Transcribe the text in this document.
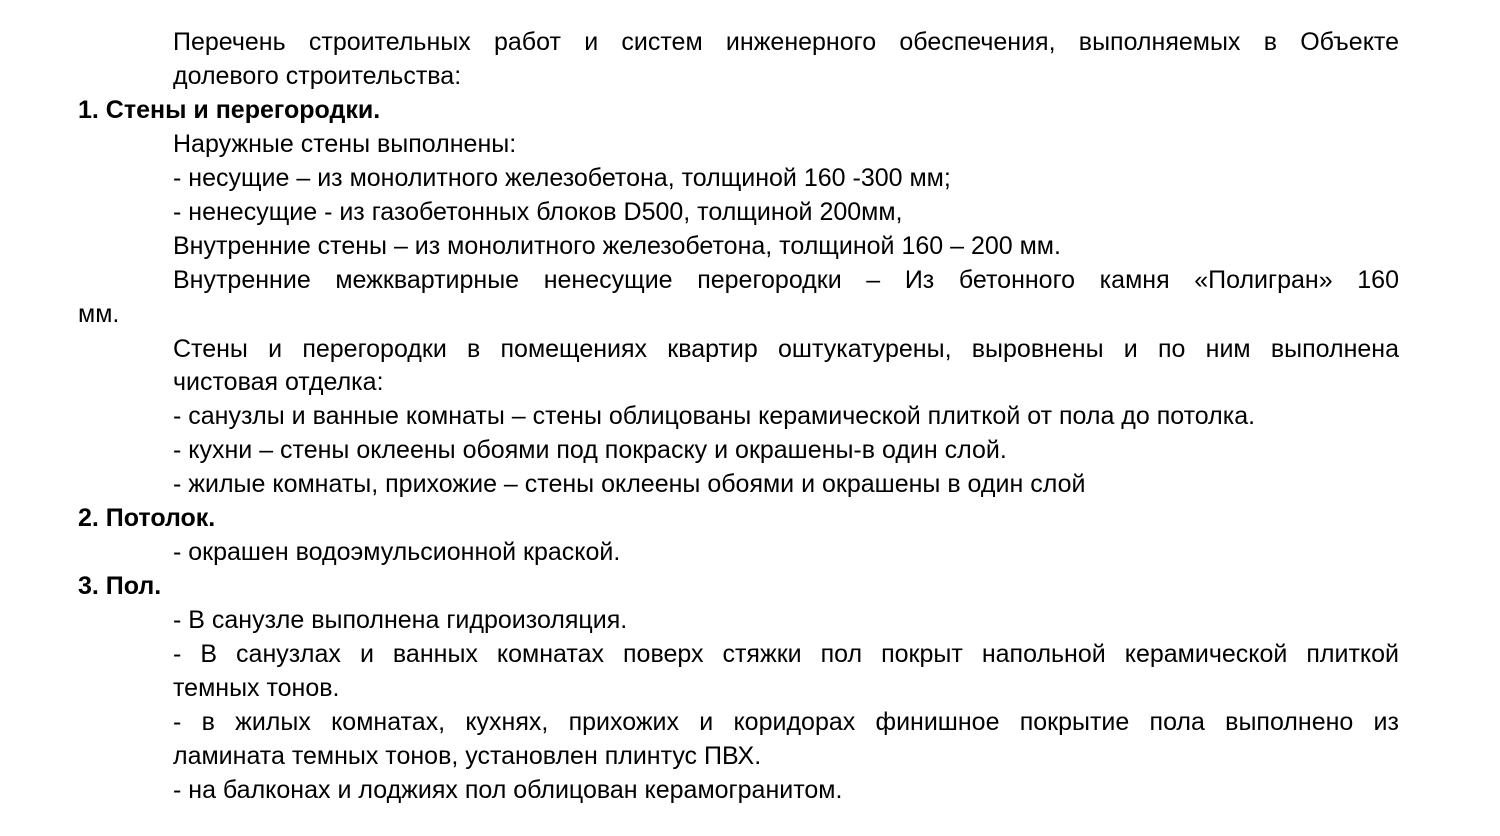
Перечень строительных работ и систем инженерного обеспечения, выполняемых в Объекте
долевого строительства:
1. Стены и перегородки.
Наружные стены выполнены:
- несущие – из монолитного железобетона, толщиной 160 -300 мм;
- ненесущие - из газобетонных блоков D500, толщиной 200мм,
Внутренние стены – из монолитного железобетона, толщиной 160 – 200 мм.
Внутренние межквартирные ненесущие перегородки – Из бетонного камня «Полигран» 160
мм.
Стены и перегородки в помещениях квартир оштукатурены, выровнены и по ним выполнена
чистовая отделка:
- санузлы и ванные комнаты – стены облицованы керамической плиткой от пола до потолка.
- кухни – стены оклеены обоями под покраску и окрашены-в один слой.
- жилые комнаты, прихожие – стены оклеены обоями и окрашены в один слой
2. Потолок.
- окрашен водоэмульсионной краской.
3. Пол.
- В санузле выполнена гидроизоляция.
- В санузлах и ванных комнатах поверх стяжки пол покрыт напольной керамической плиткой
темных тонов.
- в жилых комнатах, кухнях, прихожих и коридорах финишное покрытие пола выполнено из
ламината темных тонов, установлен плинтус ПВХ.
- на балконах и лоджиях пол облицован керамогранитом.
